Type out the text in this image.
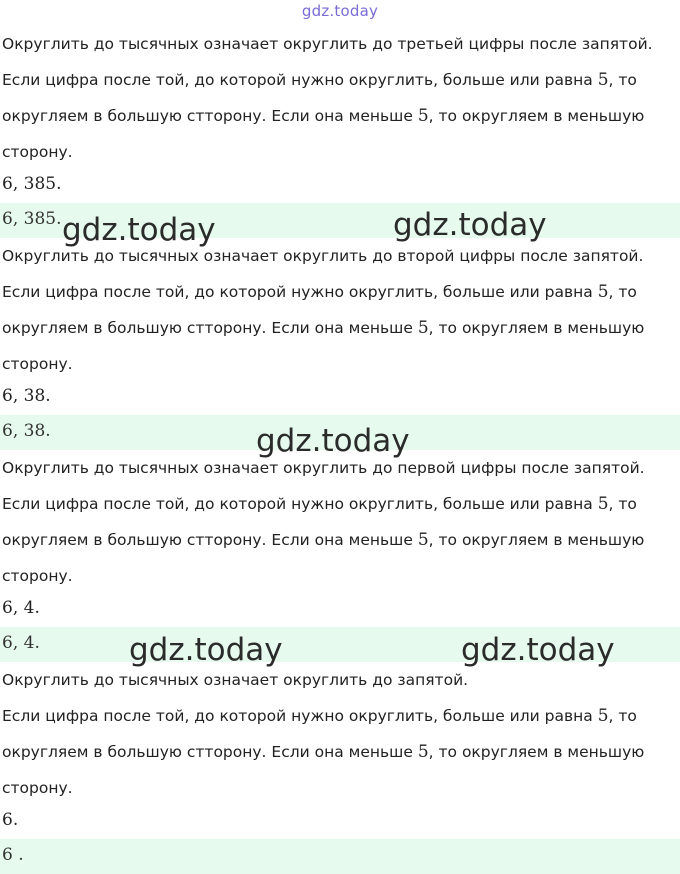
gdz.today
Округлить до тысячных означает округлить до третьей цифры после запятой.
Если цифра после той, до которой нужно округлить, больше или равна 5, то
округляем в большую стторону. Если она меньше 5, то округляем в меньшую
сторону.
6, 385.
6, 385.
Округлить до тысячных означает округлить до второй цифры после запятой.
Если цифра после той, до которой нужно округлить, больше или равна 5, то
округляем в большую стторону. Если она меньше 5, то округляем в меньшую
сторону.
6, 38.
6, 38.
Округлить до тысячных означает округлить до первой цифры после запятой.
Если цифра после той, до которой нужно округлить, больше или равна 5, то
округляем в большую стторону. Если она меньше 5, то округляем в меньшую
сторону.
6, 4.
6, 4.
Округлить до тысячных означает округлить до запятой.
Если цифра после той, до которой нужно округлить, больше или равна 5, то
округляем в большую стторону. Если она меньше 5, то округляем в меньшую
сторону.
6.
6 .
gdz.today	gdz.today
gdz.today
gdz.today	gdz.today
